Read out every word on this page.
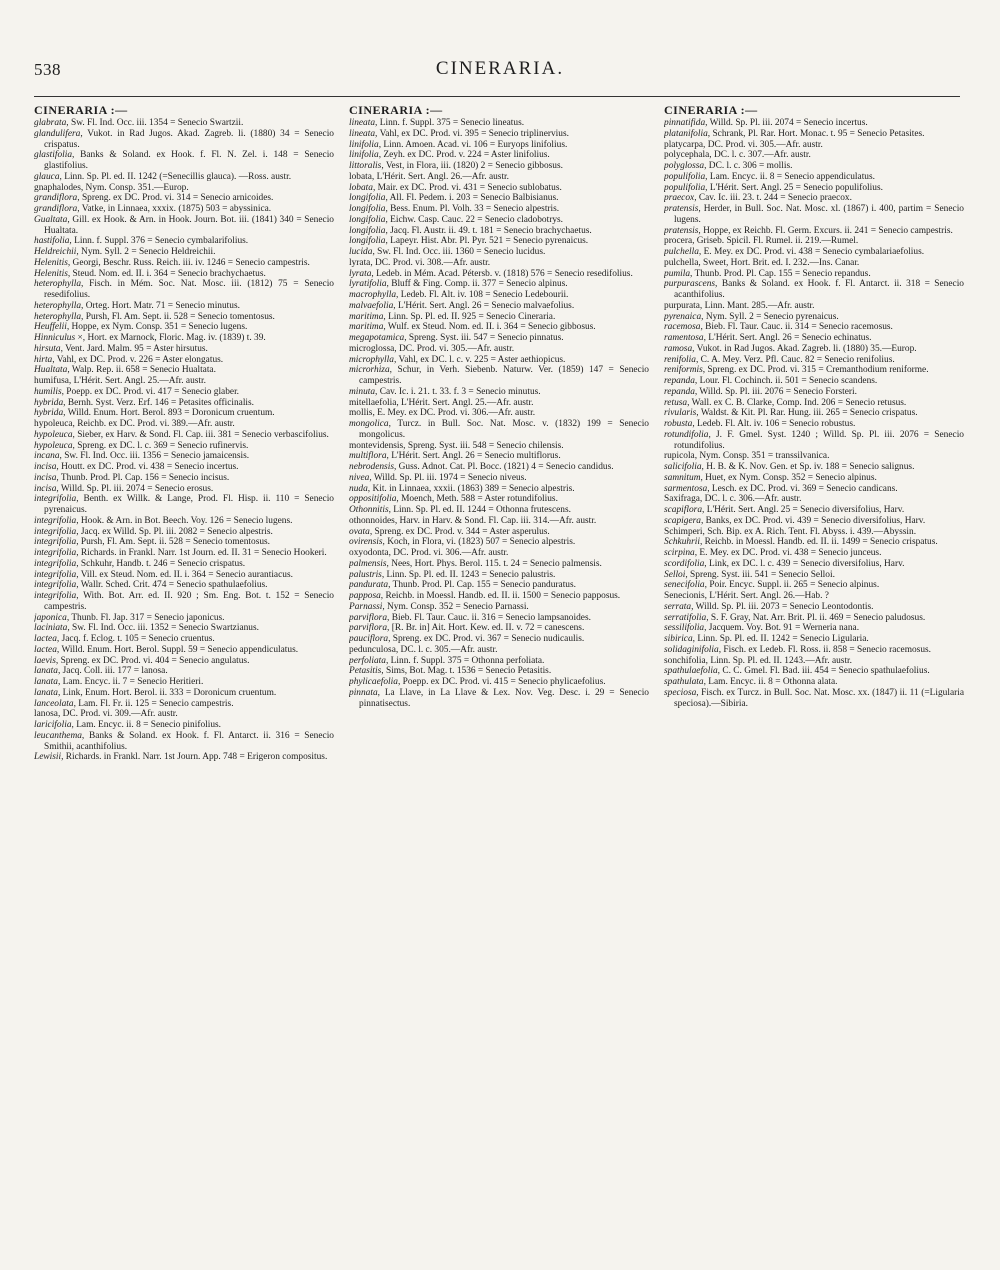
538	CINERARIA.
CINERARIA :—
glabrata, Sw. Fl. Ind. Occ. iii. 1354 = Senecio Swartzii.
glandulifera, Vukot. in Rad Jugos. Akad. Zagreb. li. (1880) 34 = Senecio crispatus.
glastifolia, Banks & Soland. ex Hook. f. Fl. N. Zel. i. 148 = Senecio glastifolius.
glauca, Linn. Sp. Pl. ed. II. 1242 (=Senecillis glauca). —Ross. austr.
gnaphalodes, Nym. Consp. 351.—Europ.
grandiflora, Spreng. ex DC. Prod. vi. 314 = Senecio arnicoides.
grandiflora, Vatke, in Linnaea, xxxix. (1875) 503 = abyssinica.
Gualtata, Gill. ex Hook. & Arn. in Hook. Journ. Bot. iii. (1841) 340 = Senecio Hualtata.
hastifolia, Linn. f. Suppl. 376 = Senecio cymbalarifolius.
Heldreichii, Nym. Syll. 2 = Senecio Heldreichii.
Helenitis, Georgi, Beschr. Russ. Reich. iii. iv. 1246 = Senecio campestris.
Helenitis, Steud. Nom. ed. II. i. 364 = Senecio brachychaetus.
heterophylla, Fisch. in Mém. Soc. Nat. Mosc. iii. (1812) 75 = Senecio resedifolius.
heterophylla, Orteg. Hort. Matr. 71 = Senecio minutus.
heterophylla, Pursh, Fl. Am. Sept. ii. 528 = Senecio tomentosus.
Heuffelii, Hoppe, ex Nym. Consp. 351 = Senecio lugens.
Hinniculus ×, Hort. ex Marnock, Floric. Mag. iv. (1839) t. 39.
hirsuta, Vent. Jard. Malm. 95 = Aster hirsutus.
hirta, Vahl, ex DC. Prod. v. 226 = Aster elongatus.
Hualtata, Walp. Rep. ii. 658 = Senecio Hualtata.
humifusa, L'Hérit. Sert. Angl. 25.—Afr. austr.
humilis, Poepp. ex DC. Prod. vi. 417 = Senecio glaber.
hybrida, Bernh. Syst. Verz. Erf. 146 = Petasites officinalis.
hybrida, Willd. Enum. Hort. Berol. 893 = Doronicum cruentum.
hypoleuca, Reichb. ex DC. Prod. vi. 389.—Afr. austr.
hypoleuca, Sieber, ex Harv. & Sond. Fl. Cap. iii. 381 = Senecio verbascifolius.
hypoleuca, Spreng. ex DC. l. c. 369 = Senecio rufinervis.
incana, Sw. Fl. Ind. Occ. iii. 1356 = Senecio jamaicensis.
incisa, Houtt. ex DC. Prod. vi. 438 = Senecio incertus.
incisa, Thunb. Prod. Pl. Cap. 156 = Senecio incisus.
incisa, Willd. Sp. Pl. iii. 2074 = Senecio erosus.
integrifolia, Benth. ex Willk. & Lange, Prod. Fl. Hisp. ii. 110 = Senecio pyrenaicus.
integrifolia, Hook. & Arn. in Bot. Beech. Voy. 126 = Senecio lugens.
integrifolia, Jacq. ex Willd. Sp. Pl. iii. 2082 = Senecio alpestris.
integrifolia, Pursh, Fl. Am. Sept. ii. 528 = Senecio tomentosus.
integrifolia, Richards. in Frankl. Narr. 1st Journ. ed. II. 31 = Senecio Hookeri.
integrifolia, Schkuhr, Handb. t. 246 = Senecio crispatus.
integrifolia, Vill. ex Steud. Nom. ed. II. i. 364 = Senecio aurantiacus.
integrifolia, Wallr. Sched. Crit. 474 = Senecio spathulaefolius.
integrifolia, With. Bot. Arr. ed. II. 920 ; Sm. Eng. Bot. t. 152 = Senecio campestris.
japonica, Thunb. Fl. Jap. 317 = Senecio japonicus.
laciniata, Sw. Fl. Ind. Occ. iii. 1352 = Senecio Swartzianus.
lactea, Jacq. f. Eclog. t. 105 = Senecio cruentus.
lactea, Willd. Enum. Hort. Berol. Suppl. 59 = Senecio appendiculatus.
laevis, Spreng. ex DC. Prod. vi. 404 = Senecio angulatus.
lanata, Jacq. Coll. iii. 177 = lanosa.
lanata, Lam. Encyc. ii. 7 = Senecio Heritieri.
lanata, Link, Enum. Hort. Berol. ii. 333 = Doronicum cruentum.
lanceolata, Lam. Fl. Fr. ii. 125 = Senecio campestris.
lanosa, DC. Prod. vi. 309.—Afr. austr.
laricifolia, Lam. Encyc. ii. 8 = Senecio pinifolius.
leucanthema, Banks & Soland. ex Hook. f. Fl. Antarct. ii. 316 = Senecio Smithii, acanthifolius.
Lewisii, Richards. in Frankl. Narr. 1st Journ. App. 748 = Erigeron compositus.
CINERARIA :—
lineata, Linn. f. Suppl. 375 = Senecio lineatus.
lineata, Vahl, ex DC. Prod. vi. 395 = Senecio triplinervius.
linifolia, Linn. Amoen. Acad. vi. 106 = Euryops linifolius.
linifolia, Zeyh. ex DC. Prod. v. 224 = Aster linifolius.
littoralis, Vest, in Flora, iii. (1820) 2 = Senecio gibbosus.
lobata, L'Hérit. Sert. Angl. 26.—Afr. austr.
lobata, Mair. ex DC. Prod. vi. 431 = Senecio sublobatus.
longifolia, All. Fl. Pedem. i. 203 = Senecio Balbisianus.
longifolia, Bess. Enum. Pl. Volh. 33 = Senecio alpestris.
longifolia, Eichw. Casp. Cauc. 22 = Senecio cladobotrys.
longifolia, Jacq. Fl. Austr. ii. 49. t. 181 = Senecio brachychaetus.
longifolia, Lapeyr. Hist. Abr. Pl. Pyr. 521 = Senecio pyrenaicus.
lucida, Sw. Fl. Ind. Occ. iii. 1360 = Senecio lucidus.
lyrata, DC. Prod. vi. 308.—Afr. austr.
lyrata, Ledeb. in Mém. Acad. Pétersb. v. (1818) 576 = Senecio resedifolius.
lyratifolia, Bluff & Fing. Comp. ii. 377 = Senecio alpinus.
macrophylla, Ledeb. Fl. Alt. iv. 108 = Senecio Ledebourii.
malvaefolia, L'Hérit. Sert. Angl. 26 = Senecio malvaefolius.
maritima, Linn. Sp. Pl. ed. II. 925 = Senecio Cineraria.
maritima, Wulf. ex Steud. Nom. ed. II. i. 364 = Senecio gibbosus.
megapotamica, Spreng. Syst. iii. 547 = Senecio pinnatus.
microglossa, DC. Prod. vi. 305.—Afr. austr.
microphylla, Vahl, ex DC. l. c. v. 225 = Aster aethiopicus.
microrhiza, Schur, in Verh. Siebenb. Naturw. Ver. (1859) 147 = Senecio campestris.
minuta, Cav. Ic. i. 21. t. 33. f. 3 = Senecio minutus.
mitellaefolia, L'Hérit. Sert. Angl. 25.—Afr. austr.
mollis, E. Mey. ex DC. Prod. vi. 306.—Afr. austr.
mongolica, Turcz. in Bull. Soc. Nat. Mosc. v. (1832) 199 = Senecio mongolicus.
montevidensis, Spreng. Syst. iii. 548 = Senecio chilensis.
multiflora, L'Hérit. Sert. Angl. 26 = Senecio multiflorus.
nebrodensis, Guss. Adnot. Cat. Pl. Bocc. (1821) 4 = Senecio candidus.
nivea, Willd. Sp. Pl. iii. 1974 = Senecio niveus.
nuda, Kit. in Linnaea, xxxii. (1863) 389 = Senecio alpestris.
oppositifolia, Moench, Meth. 588 = Aster rotundifolius.
Othonnitis, Linn. Sp. Pl. ed. II. 1244 = Othonna frutescens.
othonnoides, Harv. in Harv. & Sond. Fl. Cap. iii. 314.—Afr. austr.
ovata, Spreng. ex DC. Prod. v. 344 = Aster asperulus.
ovirensis, Koch, in Flora, vi. (1823) 507 = Senecio alpestris.
oxyodonta, DC. Prod. vi. 306.—Afr. austr.
palmensis, Nees, Hort. Phys. Berol. 115. t. 24 = Senecio palmensis.
palustris, Linn. Sp. Pl. ed. II. 1243 = Senecio palustris.
pandurata, Thunb. Prod. Pl. Cap. 155 = Senecio panduratus.
papposa, Reichb. in Moessl. Handb. ed. II. ii. 1500 = Senecio papposus.
Parnassi, Nym. Consp. 352 = Senecio Parnassi.
parviflora, Bieb. Fl. Taur. Cauc. ii. 316 = Senecio lampsanoides.
parviflora, [R. Br. in] Ait. Hort. Kew. ed. II. v. 72 = canescens.
pauciflora, Spreng. ex DC. Prod. vi. 367 = Senecio nudicaulis.
pedunculosa, DC. l. c. 305.—Afr. austr.
perfoliata, Linn. f. Suppl. 375 = Othonna perfoliata.
Petasitis, Sims, Bot. Mag. t. 1536 = Senecio Petasitis.
phylicaefolia, Poepp. ex DC. Prod. vi. 415 = Senecio phylicaefolius.
pinnata, La Llave, in La Llave & Lex. Nov. Veg. Desc. i. 29 = Senecio pinnatisectus.
CINERARIA :—
pinnatifida, Willd. Sp. Pl. iii. 2074 = Senecio incertus.
platanifolia, Schrank, Pl. Rar. Hort. Monac. t. 95 = Senecio Petasites.
platycarpa, DC. Prod. vi. 305.—Afr. austr.
polycephala, DC. l. c. 307.—Afr. austr.
polyglossa, DC. l. c. 306 = mollis.
populifolia, Lam. Encyc. ii. 8 = Senecio appendiculatus.
populifolia, L'Hérit. Sert. Angl. 25 = Senecio populifolius.
praecox, Cav. Ic. iii. 23. t. 244 = Senecio praecox.
pratensis, Herder, in Bull. Soc. Nat. Mosc. xl. (1867) i. 400, partim = Senecio lugens.
pratensis, Hoppe, ex Reichb. Fl. Germ. Excurs. ii. 241 = Senecio campestris.
procera, Griseb. Spicil. Fl. Rumel. ii. 219.—Rumel.
pulchella, E. Mey. ex DC. Prod. vi. 438 = Senecio cymbalariaefolius.
pulchella, Sweet, Hort. Brit. ed. I. 232.—Ins. Canar.
pumila, Thunb. Prod. Pl. Cap. 155 = Senecio repandus.
purpurascens, Banks & Soland. ex Hook. f. Fl. Antarct. ii. 318 = Senecio acanthifolius.
purpurata, Linn. Mant. 285.—Afr. austr.
pyrenaica, Nym. Syll. 2 = Senecio pyrenaicus.
racemosa, Bieb. Fl. Taur. Cauc. ii. 314 = Senecio racemosus.
ramentosa, L'Hérit. Sert. Angl. 26 = Senecio echinatus.
ramosa, Vukot. in Rad Jugos. Akad. Zagreb. li. (1880) 35.—Europ.
renifolia, C. A. Mey. Verz. Pfl. Cauc. 82 = Senecio renifolius.
reniformis, Spreng. ex DC. Prod. vi. 315 = Cremanthodium reniforme.
repanda, Lour. Fl. Cochinch. ii. 501 = Senecio scandens.
repanda, Willd. Sp. Pl. iii. 2076 = Senecio Forsteri.
retusa, Wall. ex C. B. Clarke, Comp. Ind. 206 = Senecio retusus.
rivularis, Waldst. & Kit. Pl. Rar. Hung. iii. 265 = Senecio crispatus.
robusta, Ledeb. Fl. Alt. iv. 106 = Senecio robustus.
rotundifolia, J. F. Gmel. Syst. 1240 ; Willd. Sp. Pl. iii. 2076 = Senecio rotundifolius.
rupicola, Nym. Consp. 351 = transsilvanica.
salicifolia, H. B. & K. Nov. Gen. et Sp. iv. 188 = Senecio salignus.
samnitum, Huet, ex Nym. Consp. 352 = Senecio alpinus.
sarmentosa, Lesch. ex DC. Prod. vi. 369 = Senecio candicans.
Saxifraga, DC. l. c. 306.—Afr. austr.
scapiflora, L'Hérit. Sert. Angl. 25 = Senecio diversifolius, Harv.
scapigera, Banks, ex DC. Prod. vi. 439 = Senecio diversifolius, Harv.
Schimperi, Sch. Bip. ex A. Rich. Tent. Fl. Abyss. i. 439.—Abyssin.
Schkuhrii, Reichb. in Moessl. Handb. ed. II. ii. 1499 = Senecio crispatus.
scirpina, E. Mey. ex DC. Prod. vi. 438 = Senecio junceus.
scordifolia, Link, ex DC. l. c. 439 = Senecio diversifolius, Harv.
Selloi, Spreng. Syst. iii. 541 = Senecio Selloi.
senecifolia, Poir. Encyc. Suppl. ii. 265 = Senecio alpinus.
Senecionis, L'Hérit. Sert. Angl. 26.—Hab. ?
serrata, Willd. Sp. Pl. iii. 2073 = Senecio Leontodontis.
serratifolia, S. F. Gray, Nat. Arr. Brit. Pl. ii. 469 = Senecio paludosus.
sessilifolia, Jacquem. Voy. Bot. 91 = Werneria nana.
sibirica, Linn. Sp. Pl. ed. II. 1242 = Senecio Ligularia.
solidaginifolia, Fisch. ex Ledeb. Fl. Ross. ii. 858 = Senecio racemosus.
sonchifolia, Linn. Sp. Pl. ed. II. 1243.—Afr. austr.
spathulaefolia, C. C. Gmel. Fl. Bad. iii. 454 = Senecio spathulaefolius.
spathulata, Lam. Encyc. ii. 8 = Othonna alata.
speciosa, Fisch. ex Turcz. in Bull. Soc. Nat. Mosc. xx. (1847) ii. 11 (=Ligularia speciosa).—Sibiria.
